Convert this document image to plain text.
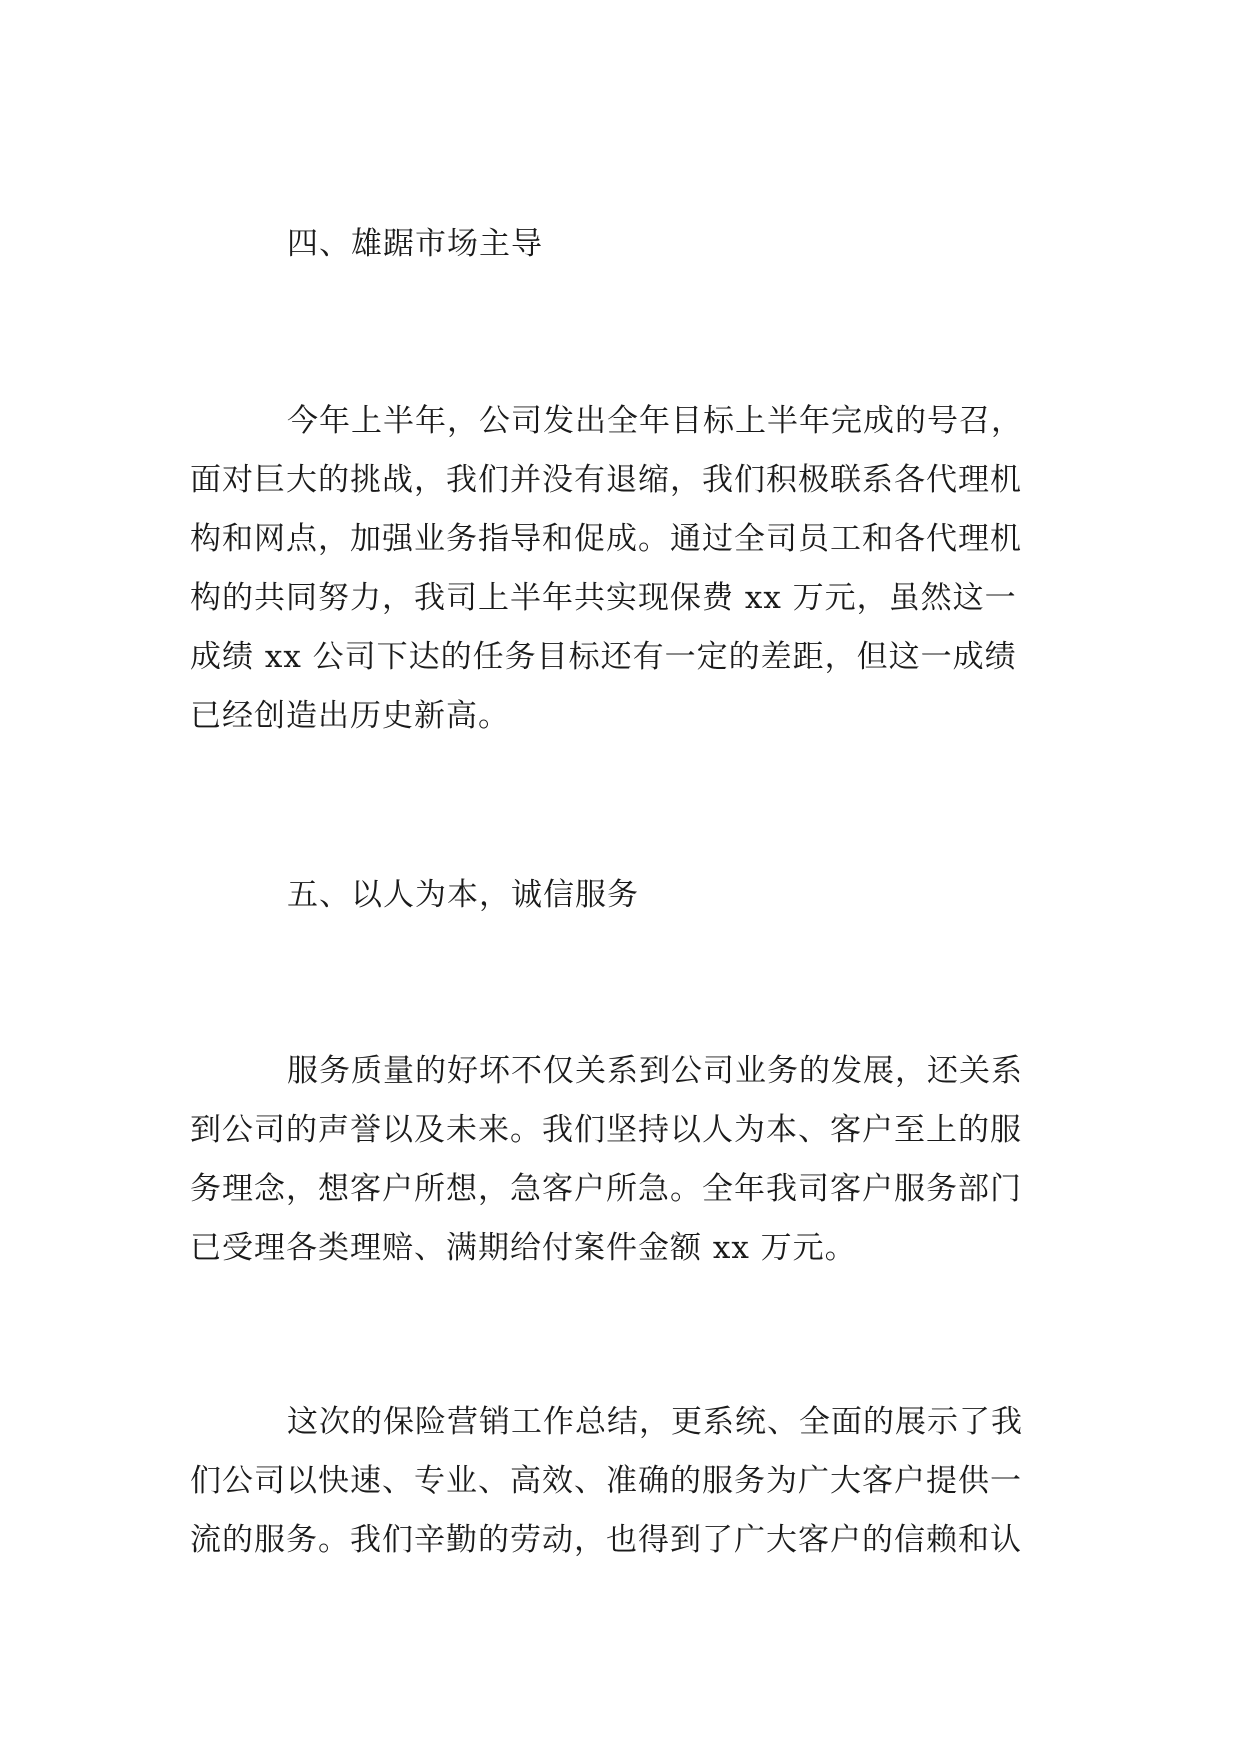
四、雄踞市场主导
今年上半年，公司发出全年目标上半年完成的号召，
面对巨大的挑战，我们并没有退缩，我们积极联系各代理机
构和网点，加强业务指导和促成。通过全司员工和各代理机
构的共同努力，我司上半年共实现保费 xx 万元，虽然这一
成绩 xx 公司下达的任务目标还有一定的差距，但这一成绩
已经创造出历史新高。
五、以人为本，诚信服务
服务质量的好坏不仅关系到公司业务的发展，还关系
到公司的声誉以及未来。我们坚持以人为本、客户至上的服
务理念，想客户所想，急客户所急。全年我司客户服务部门
已受理各类理赔、满期给付案件金额 xx 万元。
这次的保险营销工作总结，更系统、全面的展示了我
们公司以快速、专业、高效、准确的服务为广大客户提供一
流的服务。我们辛勤的劳动，也得到了广大客户的信赖和认
